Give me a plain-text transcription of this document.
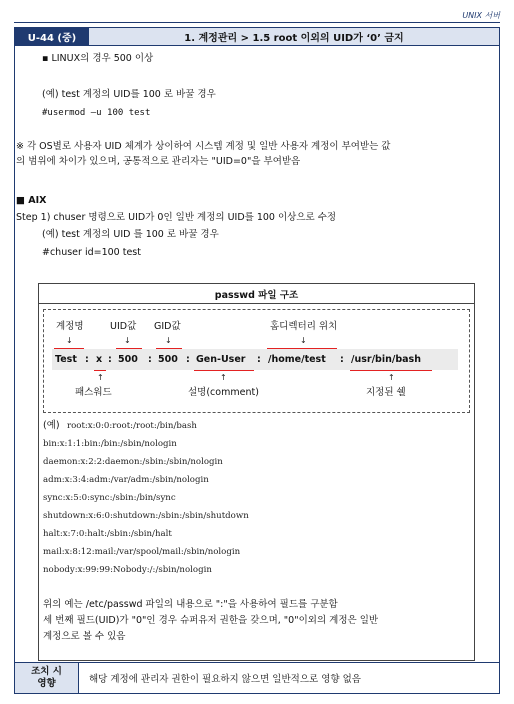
UNIX 서버
U-44 (중)	1. 계정관리 > 1.5 root 이외의 UID가 ‘0’ 금지
▪ LINUX의 경우 500 이상
(예) test 계정의 UID를 100 로 바꿀 경우
#usermod –u 100 test
※ 각 OS별로 사용자 UID 체계가 상이하여 시스템 계정 및 일반 사용자 계정이 부여받는 값
의 범위에 차이가 있으며, 공통적으로 관리자는 "UID=0"을 부여받음
■ AIX
Step 1) chuser 명령으로 UID가 0인 일반 계정의 UID를 100 이상으로 수정
(예) test 계정의 UID 를 100 로 바꿀 경우
#chuser id=100 test
passwd 파일 구조
계정명	UID값 GID값	홈디렉터리 위치
↓	↓	↓	↓
Test : x : 500 : 500 : Gen-User : /home/test : /usr/bin/bash
↑	↑	↑
패스워드	설명(comment)	지정된 쉘
(예) root:x:0:0:root:/root:/bin/bash
bin:x:1:1:bin:/bin:/sbin/nologin
daemon:x:2:2:daemon:/sbin:/sbin/nologin
adm:x:3:4:adm:/var/adm:/sbin/nologin
sync:x:5:0:sync:/sbin:/bin/sync
shutdown:x:6:0:shutdown:/sbin:/sbin/shutdown
halt:x:7:0:halt:/sbin:/sbin/halt
mail:x:8:12:mail:/var/spool/mail:/sbin/nologin
nobody:x:99:99:Nobody:/:/sbin/nologin
위의 예는 /etc/passwd 파일의 내용으로 ":"을 사용하여 필드를 구분함
세 번째 필드(UID)가 "0"인 경우 슈퍼유저 권한을 갖으며, "0"이외의 계정은 일반
계정으로 볼 수 있음
조치 시
영향	해당 계정에 관리자 권한이 필요하지 않으면 일반적으로 영향 없음
